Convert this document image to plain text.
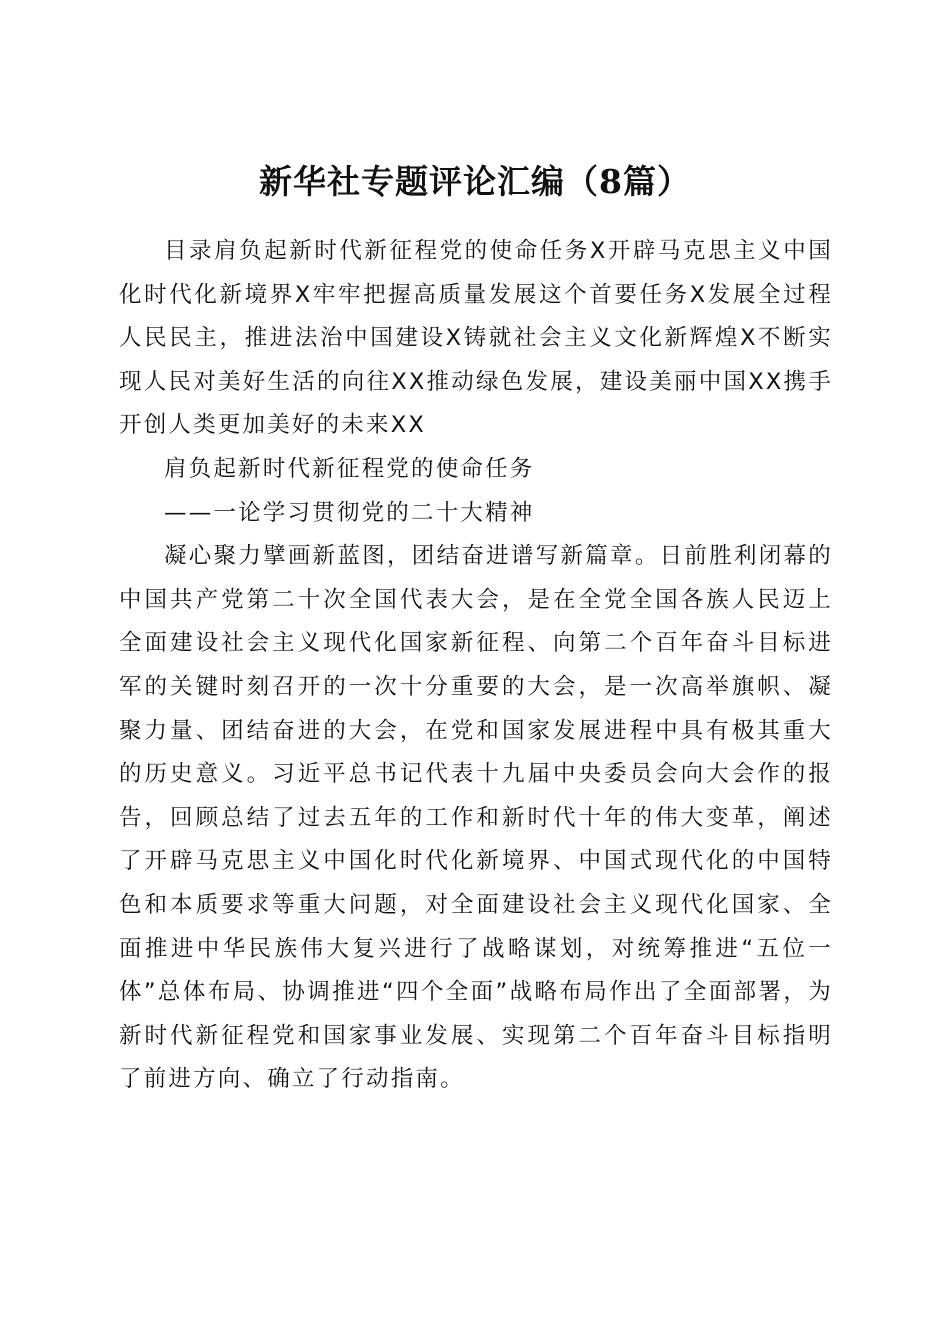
新华社专题评论汇编（8篇）

目录肩负起新时代新征程党的使命任务X开辟马克思主义中国化时代化新境界X牢牢把握高质量发展这个首要任务X发展全过程人民民主，推进法治中国建设X铸就社会主义文化新辉煌X不断实现人民对美好生活的向往XX推动绿色发展，建设美丽中国XX携手开创人类更加美好的未来XX

肩负起新时代新征程党的使命任务

——一论学习贯彻党的二十大精神

凝心聚力擘画新蓝图，团结奋进谱写新篇章。日前胜利闭幕的中国共产党第二十次全国代表大会，是在全党全国各族人民迈上全面建设社会主义现代化国家新征程、向第二个百年奋斗目标进军的关键时刻召开的一次十分重要的大会，是一次高举旗帜、凝聚力量、团结奋进的大会，在党和国家发展进程中具有极其重大的历史意义。习近平总书记代表十九届中央委员会向大会作的报告，回顾总结了过去五年的工作和新时代十年的伟大变革，阐述了开辟马克思主义中国化时代化新境界、中国式现代化的中国特色和本质要求等重大问题，对全面建设社会主义现代化国家、全面推进中华民族伟大复兴进行了战略谋划，对统筹推进“五位一体”总体布局、协调推进“四个全面”战略布局作出了全面部署，为新时代新征程党和国家事业发展、实现第二个百年奋斗目标指明了前进方向、确立了行动指南。
